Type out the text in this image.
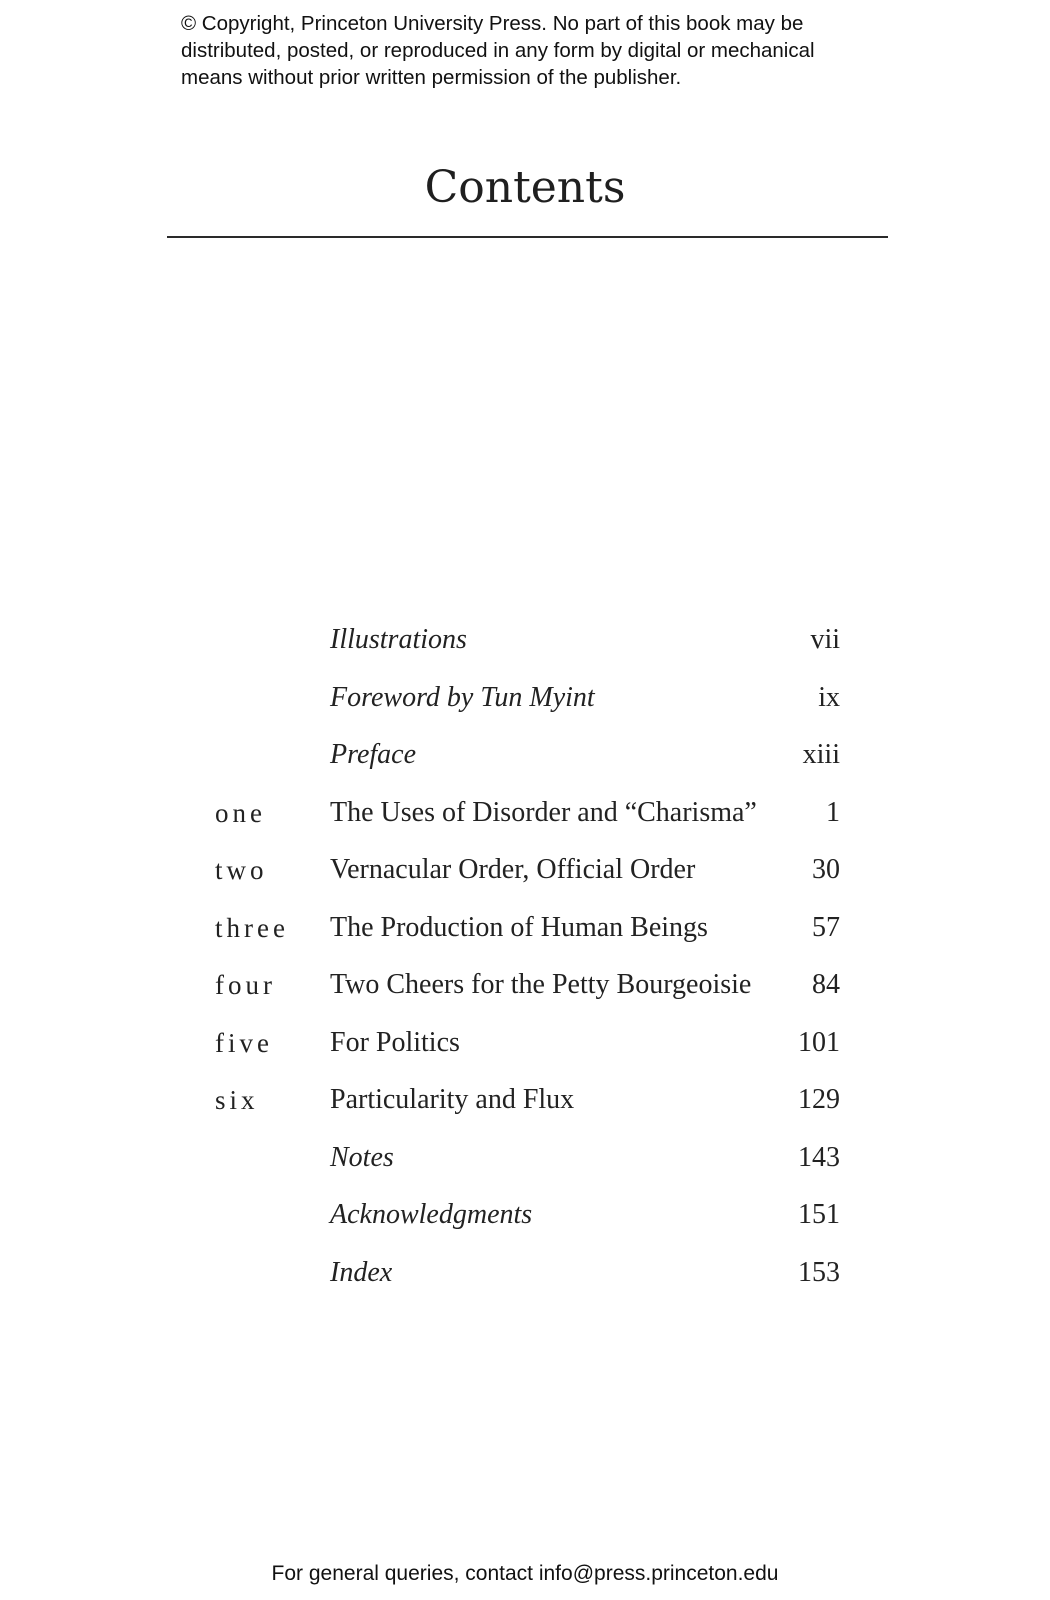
© Copyright, Princeton University Press. No part of this book may be
distributed, posted, or reproduced in any form by digital or mechanical
means without prior written permission of the publisher.
Contents
Illustrations	vii
Foreword by Tun Myint	ix
Preface	xiii
one The Uses of Disorder and “Charisma” 1
two Vernacular Order, Official Order	30
three The Production of Human Beings	57
four Two Cheers for the Petty Bourgeoisie 84
five For Politics	101
six	Particularity and Flux	129
Notes	143
Acknowledgments	151
Index	153
For general queries, contact info@press.princeton.edu
